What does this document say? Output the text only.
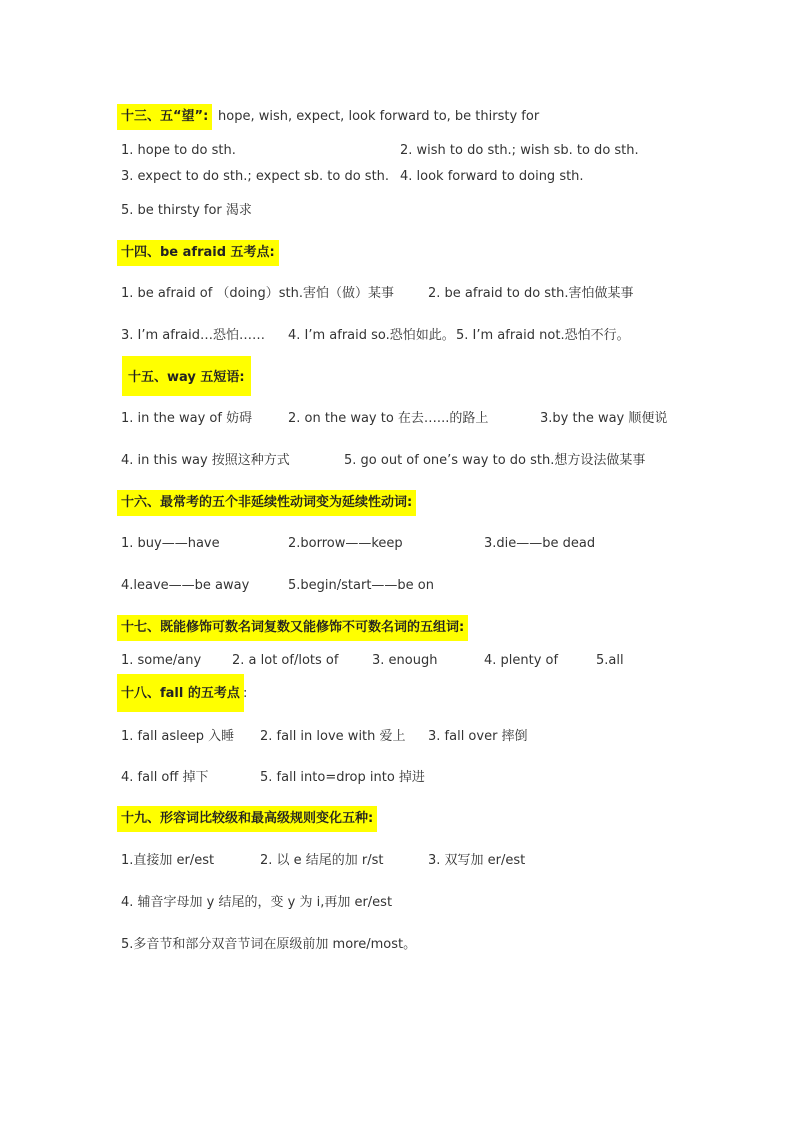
十三、五“望”: hope, wish, expect, look forward to, be thirsty for
1. hope to do sth.	2. wish to do sth.; wish sb. to do sth.
3. expect to do sth.; expect sb. to do sth. 4. look forward to doing sth.
5. be thirsty for 渴求
十四、be afraid 五考点:
1. be afraid of （doing）sth.害怕（做）某事	2. be afraid to do sth.害怕做某事
3. I’m afraid…恐怕…… 4. I’m afraid so.恐怕如此。 5. I’m afraid not.恐怕不行。
十五、way 五短语:
1. in the way of 妨碍	2. on the way to 在去…...的路上	3.by the way 顺便说
4. in this way 按照这种方式	5. go out of one’s way to do sth.想方设法做某事
十六、最常考的五个非延续性动词变为延续性动词:
1. buy——have	2.borrow——keep	3.die——be dead
4.leave——be away	5.begin/start——be on
十七、既能修饰可数名词复数又能修饰不可数名词的五组词:
1. some/any 2. a lot of/lots of	3. enough	4. plenty of	5.all
十八、fall 的五考点 :
1. fall asleep 入睡 2. fall in love with 爱上 3. fall over 摔倒
4. fall off 掉下	5. fall into=drop into 掉进
十九、形容词比较级和最高级规则变化五种:
1.直接加 er/est	2. 以 e 结尾的加 r/st	3. 双写加 er/est
4. 辅音字母加 y 结尾的，变 y 为 i,再加 er/est
5.多音节和部分双音节词在原级前加 more/most。
